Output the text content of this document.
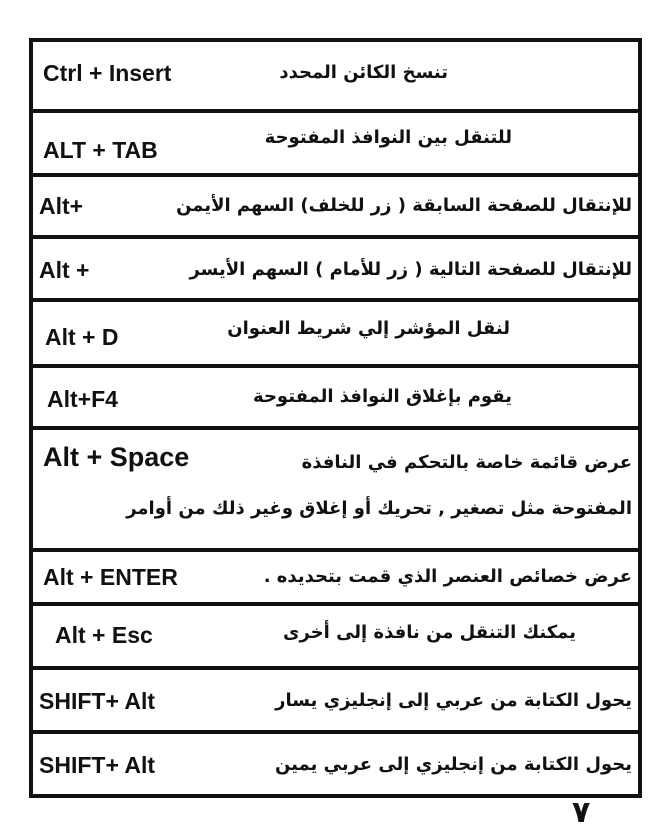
Ctrl + Insert	تنسخ الكائن المحدد
ALT + TAB	للتنقل بين النوافذ المفتوحة
Alt+	للإنتقال للصفحة السابقة ( زر للخلف) السهم الأيمن
Alt +	للإنتقال للصفحة التالية ( زر للأمام ) السهم الأيسر
Alt + D	لنقل المؤشر إلي شريط العنوان
Alt+F4	يقوم بإغلاق النوافذ المفتوحة
Alt + Space	عرض قائمة خاصة بالتحكم في النافذة
المفتوحة مثل تصغير , تحريك أو إغلاق وغير ذلك من أوامر
Alt + ENTER	عرض خصائص العنصر الذي قمت بتحديده .
Alt + Esc	يمكنك التنقل من نافذة إلى أخرى
SHIFT+ Alt	يحول الكتابة من عربي إلى إنجليزي يسار
SHIFT+ Alt	يحول الكتابة من إنجليزي إلى عربي يمين
٧
